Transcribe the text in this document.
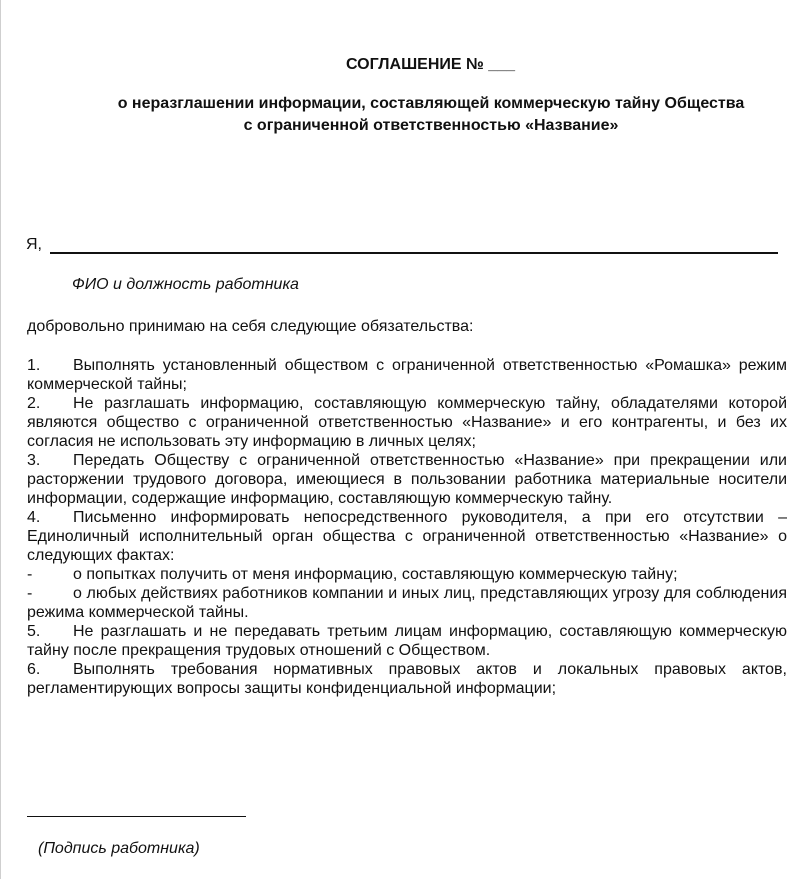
СОГЛАШЕНИЕ № ___
о неразглашении информации, составляющей коммерческую тайну Общества
с ограниченной ответственностью «Название»
Я,
ФИО и должность работника
добровольно принимаю на себя следующие обязательства:

1. Выполнять установленный обществом с ограниченной ответственностью «Ромашка» режим коммерческой тайны;

2. Не разглашать информацию, составляющую коммерческую тайну, обладателями которой являются общество с ограниченной ответственностью «Название» и его контрагенты, и без их согласия не использовать эту информацию в личных целях;

3. Передать Обществу с ограниченной ответственностью «Название» при прекращении или расторжении трудового договора, имеющиеся в пользовании работника материальные носители информации, содержащие информацию, составляющую коммерческую тайну.

4. Письменно информировать непосредственного руководителя, а при его отсутствии – Единоличный исполнительный орган общества с ограниченной ответственностью «Название» о следующих фактах:

-	о попытках получить от меня информацию, составляющую коммерческую тайну;

-	о любых действиях работников компании и иных лиц, представляющих угрозу для соблюдения режима коммерческой тайны.

5. Не разглашать и не передавать третьим лицам информацию, составляющую коммерческую тайну после прекращения трудовых отношений с Обществом.

6. Выполнять требования нормативных правовых актов и локальных правовых актов, регламентирующих вопросы защиты конфиденциальной информации;

(Подпись работника)
